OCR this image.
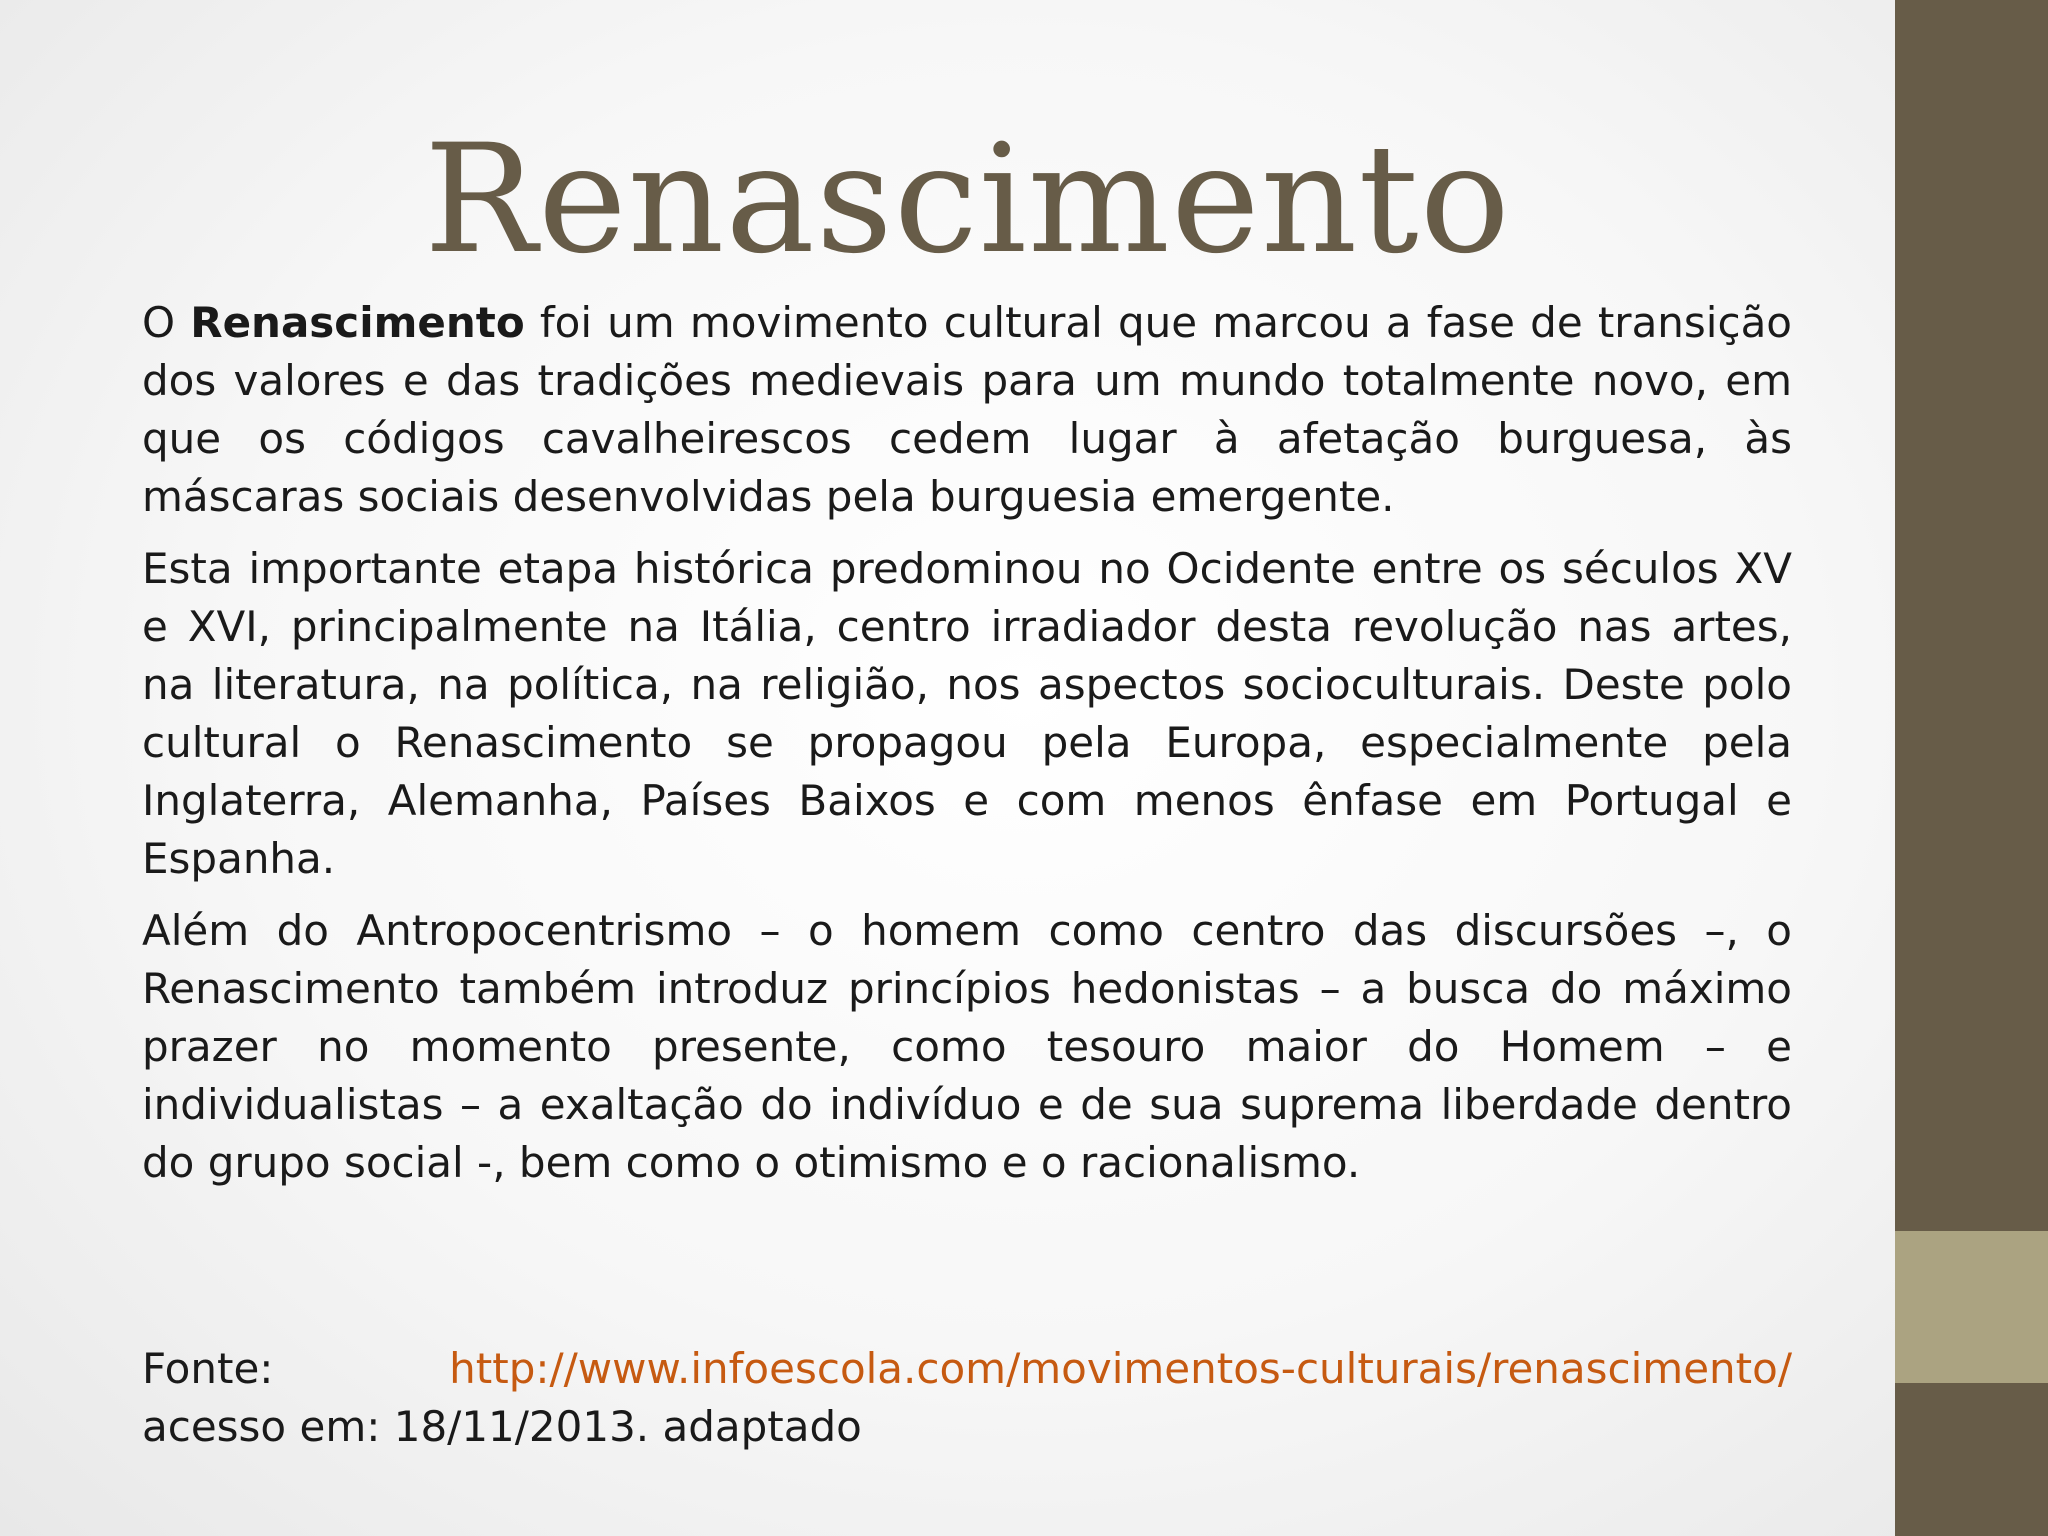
Renascimento

O Renascimento foi um movimento cultural que marcou a fase de transição dos valores e das tradições medievais para um mundo totalmente novo, em que os códigos cavalheirescos cedem lugar à afetação burguesa, às máscaras sociais desenvolvidas pela burguesia emergente.

Esta importante etapa histórica predominou no Ocidente entre os séculos XV e XVI, principalmente na Itália, centro irradiador desta revolução nas artes, na literatura, na política, na religião, nos aspectos socioculturais. Deste polo cultural o Renascimento se propagou pela Europa, especialmente pela Inglaterra, Alemanha, Países Baixos e com menos ênfase em Portugal e Espanha.

Além do Antropocentrismo – o homem como centro das discursões –, o Renascimento também introduz princípios hedonistas – a busca do máximo prazer no momento presente, como tesouro maior do Homem – e individualistas – a exaltação do indivíduo e de sua suprema liberdade dentro do grupo social -, bem como o otimismo e o racionalismo.

Fonte:	http://www.infoescola.com/movimentos-culturais/renascimento/
acesso em: 18/11/2013. adaptado
